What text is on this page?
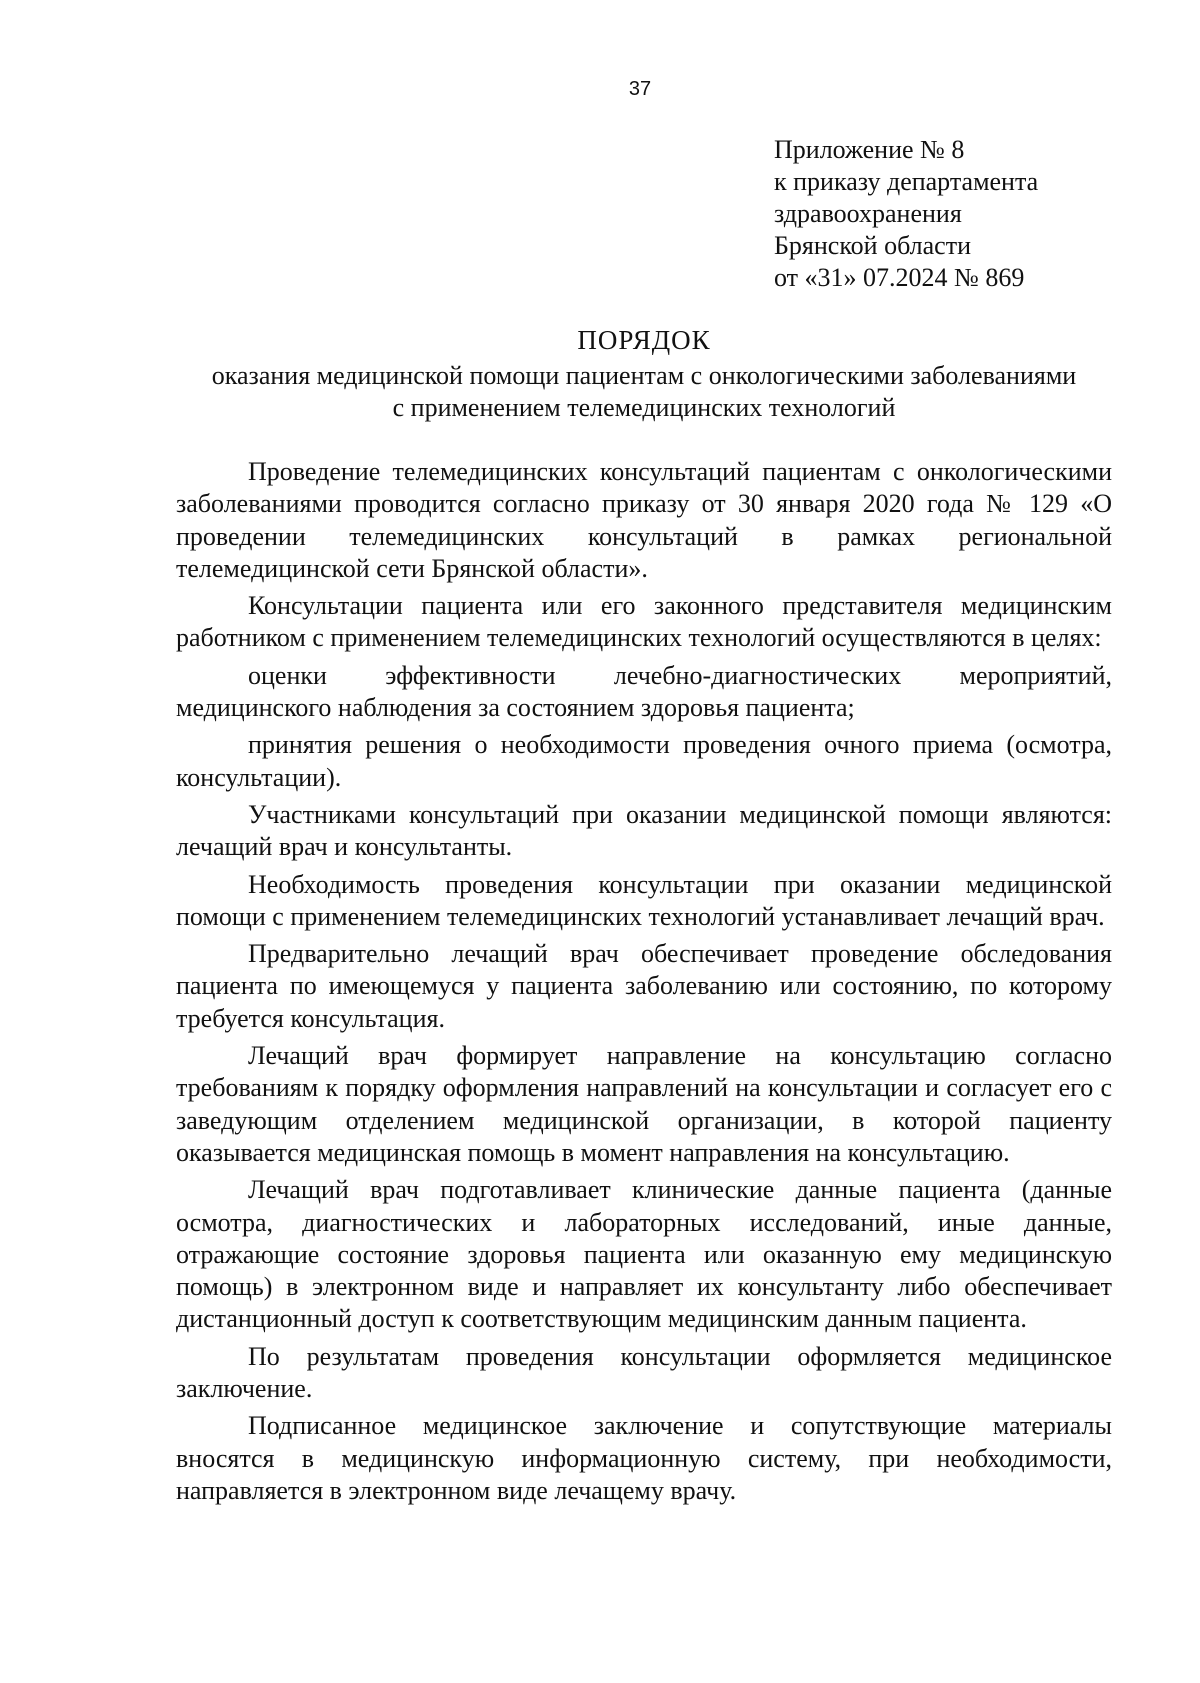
37
Приложение № 8
к приказу департамента
здравоохранения
Брянской области
от «31» 07.2024 № 869
ПОРЯДОК
оказания медицинской помощи пациентам с онкологическими заболеваниями
с применением телемедицинских технологий

Проведение телемедицинских консультаций пациентам с онкологическими заболеваниями проводится согласно приказу от 30 января 2020 года № 129 «О проведении телемедицинских консультаций в рамках региональной телемедицинской сети Брянской области».

Консультации пациента или его законного представителя медицинским работником с применением телемедицинских технологий осуществляются в целях:

оценки эффективности лечебно-диагностических мероприятий, медицинского наблюдения за состоянием здоровья пациента;

принятия решения о необходимости проведения очного приема (осмотра, консультации).

Участниками консультаций при оказании медицинской помощи являются: лечащий врач и консультанты.

Необходимость проведения консультации при оказании медицинской помощи с применением телемедицинских технологий устанавливает лечащий врач.

Предварительно лечащий врач обеспечивает проведение обследования пациента по имеющемуся у пациента заболеванию или состоянию, по которому требуется консультация.

Лечащий врач формирует направление на консультацию согласно требованиям к порядку оформления направлений на консультации и согласует его с заведующим отделением медицинской организации, в которой пациенту оказывается медицинская помощь в момент направления на консультацию.

Лечащий врач подготавливает клинические данные пациента (данные осмотра, диагностических и лабораторных исследований, иные данные, отражающие состояние здоровья пациента или оказанную ему медицинскую помощь) в электронном виде и направляет их консультанту либо обеспечивает дистанционный доступ к соответствующим медицинским данным пациента.

По результатам проведения консультации оформляется медицинское заключение.

Подписанное медицинское заключение и сопутствующие материалы вносятся в медицинскую информационную систему, при необходимости, направляется в электронном виде лечащему врачу.
